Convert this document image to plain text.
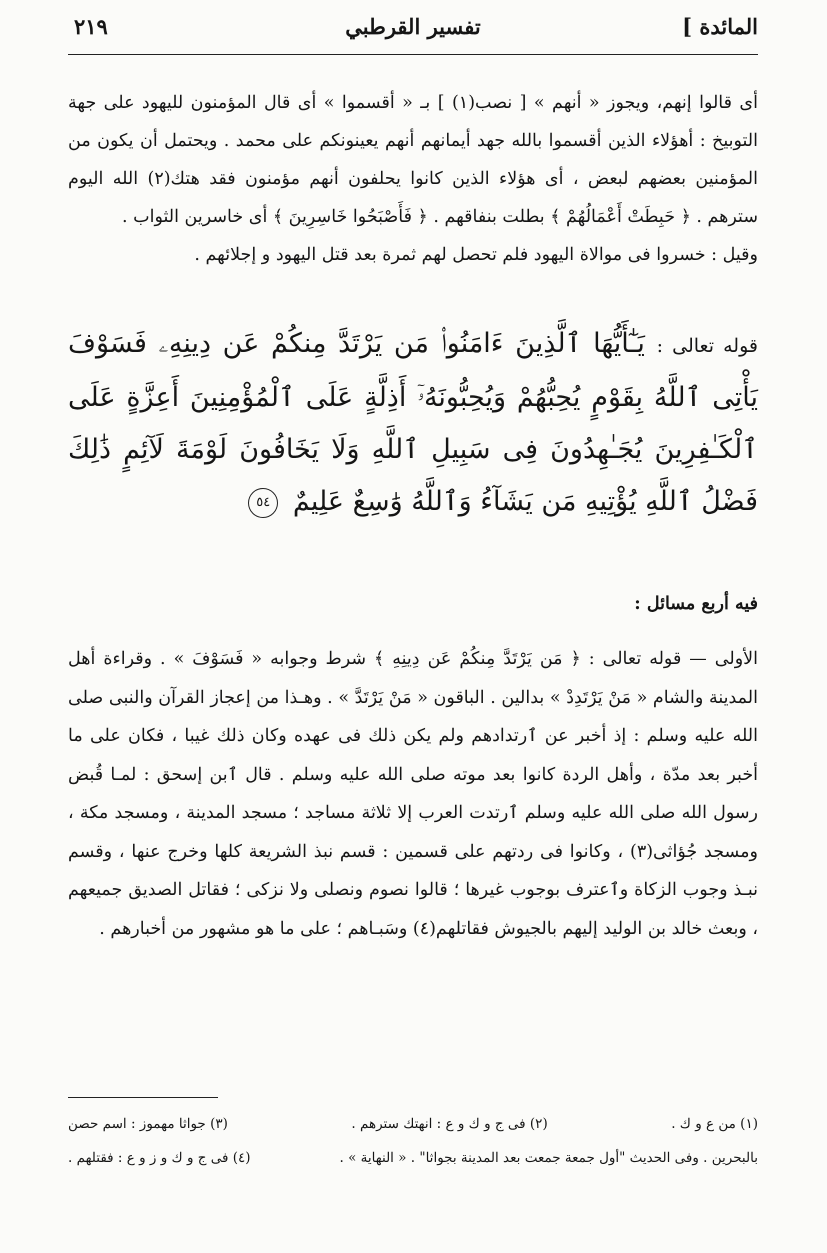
المائدة ]
تفسير القرطبي
٢١٩

أى قالوا إنهم، ويجوز « أنهم » [ نصب(١) ] بـ « أقسموا » أى قال المؤمنون لليهود على جهة التوبيخ : أهؤلاء الذين أقسموا بالله جهد أيمانهم أنهم يعينونكم على محمد . ويحتمل أن يكون من المؤمنين بعضهم لبعض ، أى هؤلاء الذين كانوا يحلفون أنهم مؤمنون فقد هتك(٢) الله اليوم سترهم . ﴿ حَبِطَتْ أَعْمَالُهُمْ ﴾ بطلت بنفاقهم . ﴿ فَأَصْبَحُوا خَاسِرِينَ ﴾ أى خاسرين الثواب .

وقيل : خسروا فى موالاة اليهود فلم تحصل لهم ثمرة بعد قتل اليهود و إجلائهم .

قوله تعالى : يَـٰٓأَيُّهَا ٱلَّذِينَ ءَامَنُوا۟ مَن يَرْتَدَّ مِنكُمْ عَن دِينِهِۦ فَسَوْفَ يَأْتِى ٱللَّهُ بِقَوْمٍ يُحِبُّهُمْ وَيُحِبُّونَهُۥٓ أَذِلَّةٍ عَلَى ٱلْمُؤْمِنِينَ أَعِزَّةٍ عَلَى ٱلْكَـٰفِرِينَ يُجَـٰهِدُونَ فِى سَبِيلِ ٱللَّهِ وَلَا يَخَافُونَ لَوْمَةَ لَآئِمٍ ذَٰلِكَ فَضْلُ ٱللَّهِ يُؤْتِيهِ مَن يَشَآءُ وَٱللَّهُ وَٰسِعٌ عَلِيمٌ ٥٤

فيه أربع مسائل :

الأولى — قوله تعالى : ﴿ مَن يَرْتَدَّ مِنكُمْ عَن دِينِهِ ﴾ شرط وجوابه « فَسَوْفَ » . وقراءة أهل المدينة والشام « مَنْ يَرْتَدِدْ » بدالين . الباقون « مَنْ يَرْتَدَّ » . وهـذا من إعجاز القرآن والنبى صلى الله عليه وسلم : إذ أخبر عن ٱرتدادهم ولم يكن ذلك فى عهده وكان ذلك غيبا ، فكان على ما أخبر بعد مدّة ، وأهل الردة كانوا بعد موته صلى الله عليه وسلم . قال ٱبن إسحق : لمـا قُبض رسول الله صلى الله عليه وسلم ٱرتدت العرب إلا ثلاثة مساجد ؛ مسجد المدينة ، ومسجد مكة ، ومسجد جُؤاثى(٣) ، وكانوا فى ردتهم على قسمين : قسم نبذ الشريعة كلها وخرج عنها ، وقسم نبـذ وجوب الزكاة وٱعترف بوجوب غيرها ؛ قالوا نصوم ونصلى ولا نزكى ؛ فقاتل الصديق جميعهم ، وبعث خالد بن الوليد إليهم بالجيوش فقاتلهم(٤) وسَبـاهم ؛ على ما هو مشهور من أخبارهم .

(١) من ع و ك .
(٢) فى ج و ك و ع : انهتك سترهم .
(٣) جواثا مهموز : اسم حصن
بالبحرين . وفى الحديث "أول جمعة جمعت بعد المدينة بجواثا" . « النهاية » .
(٤) فى ج و ك و ز و ع : فقتلهم .
